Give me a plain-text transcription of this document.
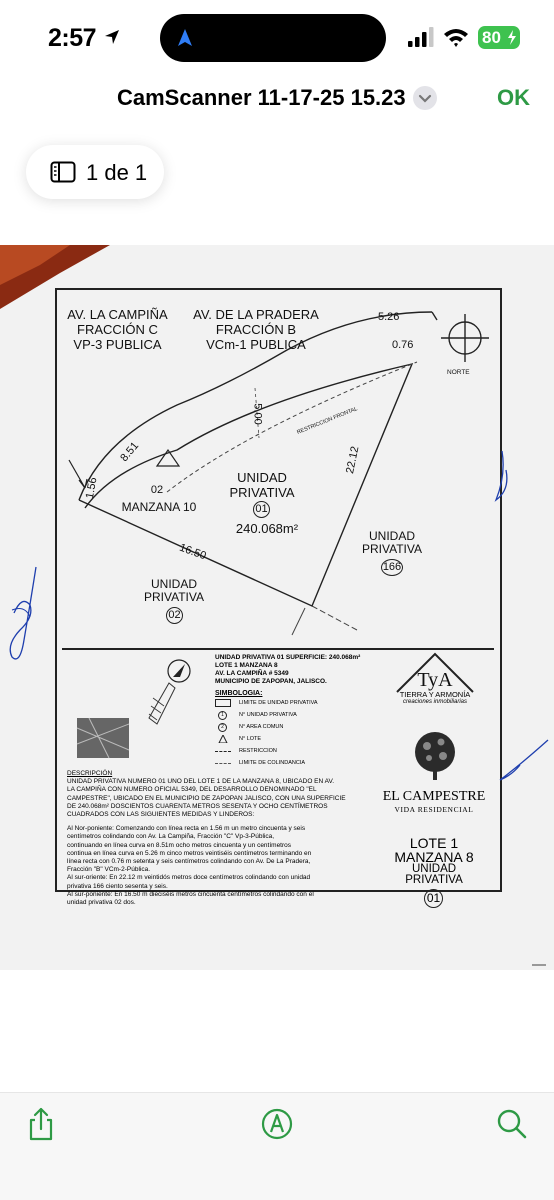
2:57	80
CamScanner 11-17-25 15.23	OK
1 de 1
AV. LA CAMPIÑA
FRACCIÓN C
VP-3 PUBLICA
AV. DE LA PRADERA
FRACCIÓN B
VCm-1 PUBLICA
5.26
0.76
NORTE
5.00
8.51
1.56
22.12
16.50
RESTRICCION FRONTAL
02
MANZANA 10
UNIDAD
PRIVATIVA
01
240.068m²	UNIDAD
PRIVATIVA
166
UNIDAD
PRIVATIVA
02
UNIDAD PRIVATIVA 01 SUPERFICIE: 240.068m²
LOTE 1 MANZANA 8
AV. LA CAMPIÑA # 5349
MUNICIPIO DE ZAPOPAN, JALISCO.
SIMBOLOGIA:
LIMITE DE UNIDAD PRIVATIVA
1	N° UNIDAD PRIVATIVA
2	N° AREA COMUN
N° LOTE
RESTRICCION
LIMITE DE COLINDANCIA
DESCRIPCIÓN
UNIDAD PRIVATIVA NUMERO 01 UNO DEL LOTE 1 DE LA MANZANA 8, UBICADO EN AV.
LA CAMPIÑA CON NUMERO OFICIAL 5349, DEL DESARROLLO DENOMINADO "EL
CAMPESTRE", UBICADO EN EL MUNICIPIO DE ZAPOPAN JALISCO, CON UNA SUPERFICIE
DE 240.068m² DOSCIENTOS CUARENTA METROS SESENTA Y OCHO CENTÍMETROS
CUADRADOS CON LAS SIGUIENTES MEDIDAS Y LINDEROS:
Al Nor-poniente: Comenzando con línea recta en 1.56 m un metro cincuenta y seis
centímetros colindando con Av. La Campiña, Fracción "C" Vp-3-Pública,
continuando en línea curva en 8.51m ocho metros cincuenta y un centímetros
continua en línea curva en 5.26 m cinco metros veintiséis centímetros terminando en
línea recta con 0.76 m setenta y seis centímetros colindando con Av. De La Pradera,
Fracción "B" VCm-2-Pública.
Al sur-oriente: En 22.12 m veintidós metros doce centímetros colindando con unidad
privativa 166 ciento sesenta y seis.
Al sur-poniente: En 16.50 m dieciséis metros cincuenta centímetros colindando con el
unidad privativa 02 dos.
TyA
TIERRA Y ARMONÍA
creaciones inmobiliarias
EL CAMPESTRE
VIDA RESIDENCIAL
LOTE 1
MANZANA 8
UNIDAD
PRIVATIVA
01
